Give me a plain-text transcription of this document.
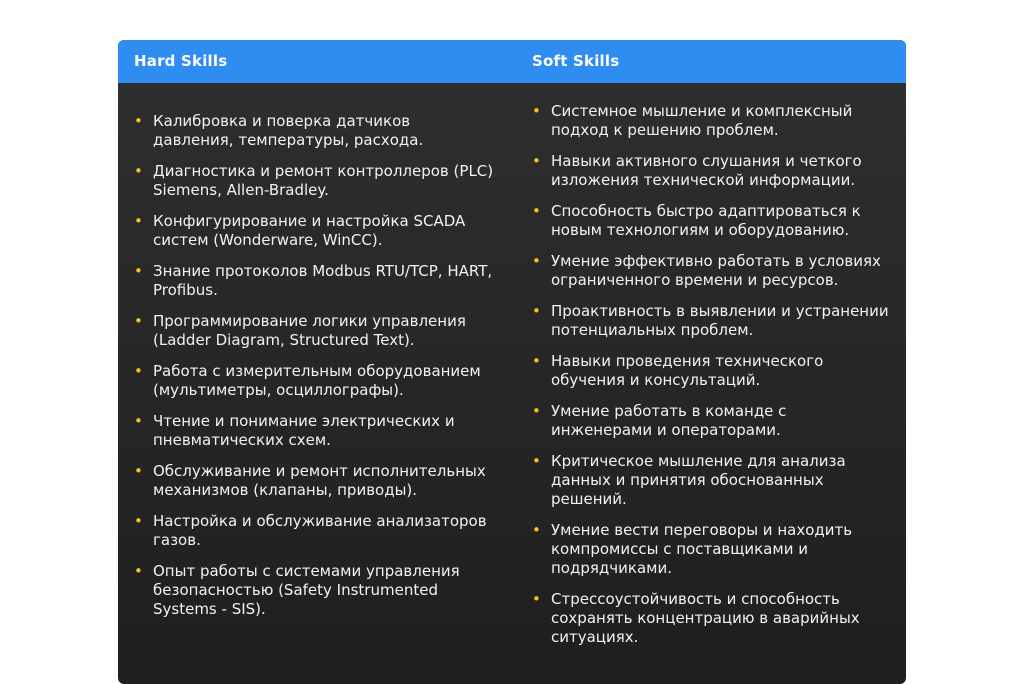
Hard Skills	Soft Skills
• Калибровка и поверка датчиков давления, температуры, расхода.
• Диагностика и ремонт контроллеров (PLC) Siemens, Allen-Bradley.
• Конфигурирование и настройка SCADA систем (Wonderware, WinCC).
• Знание протоколов Modbus RTU/TCP, HART, Profibus.
• Программирование логики управления (Ladder Diagram, Structured Text).
• Работа с измерительным оборудованием (мультиметры, осциллографы).
• Чтение и понимание электрических и пневматических схем.
• Обслуживание и ремонт исполнительных механизмов (клапаны, приводы).
• Настройка и обслуживание анализаторов газов.
• Опыт работы с системами управления безопасностью (Safety Instrumented Systems - SIS).
• Системное мышление и комплексный подход к решению проблем.
• Навыки активного слушания и четкого изложения технической информации.
• Способность быстро адаптироваться к новым технологиям и оборудованию.
• Умение эффективно работать в условиях ограниченного времени и ресурсов.
• Проактивность в выявлении и устранении потенциальных проблем.
• Навыки проведения технического обучения и консультаций.
• Умение работать в команде с инженерами и операторами.
• Критическое мышление для анализа данных и принятия обоснованных решений.
• Умение вести переговоры и находить компромиссы с поставщиками и подрядчиками.
• Стрессоустойчивость и способность сохранять концентрацию в аварийных ситуациях.
